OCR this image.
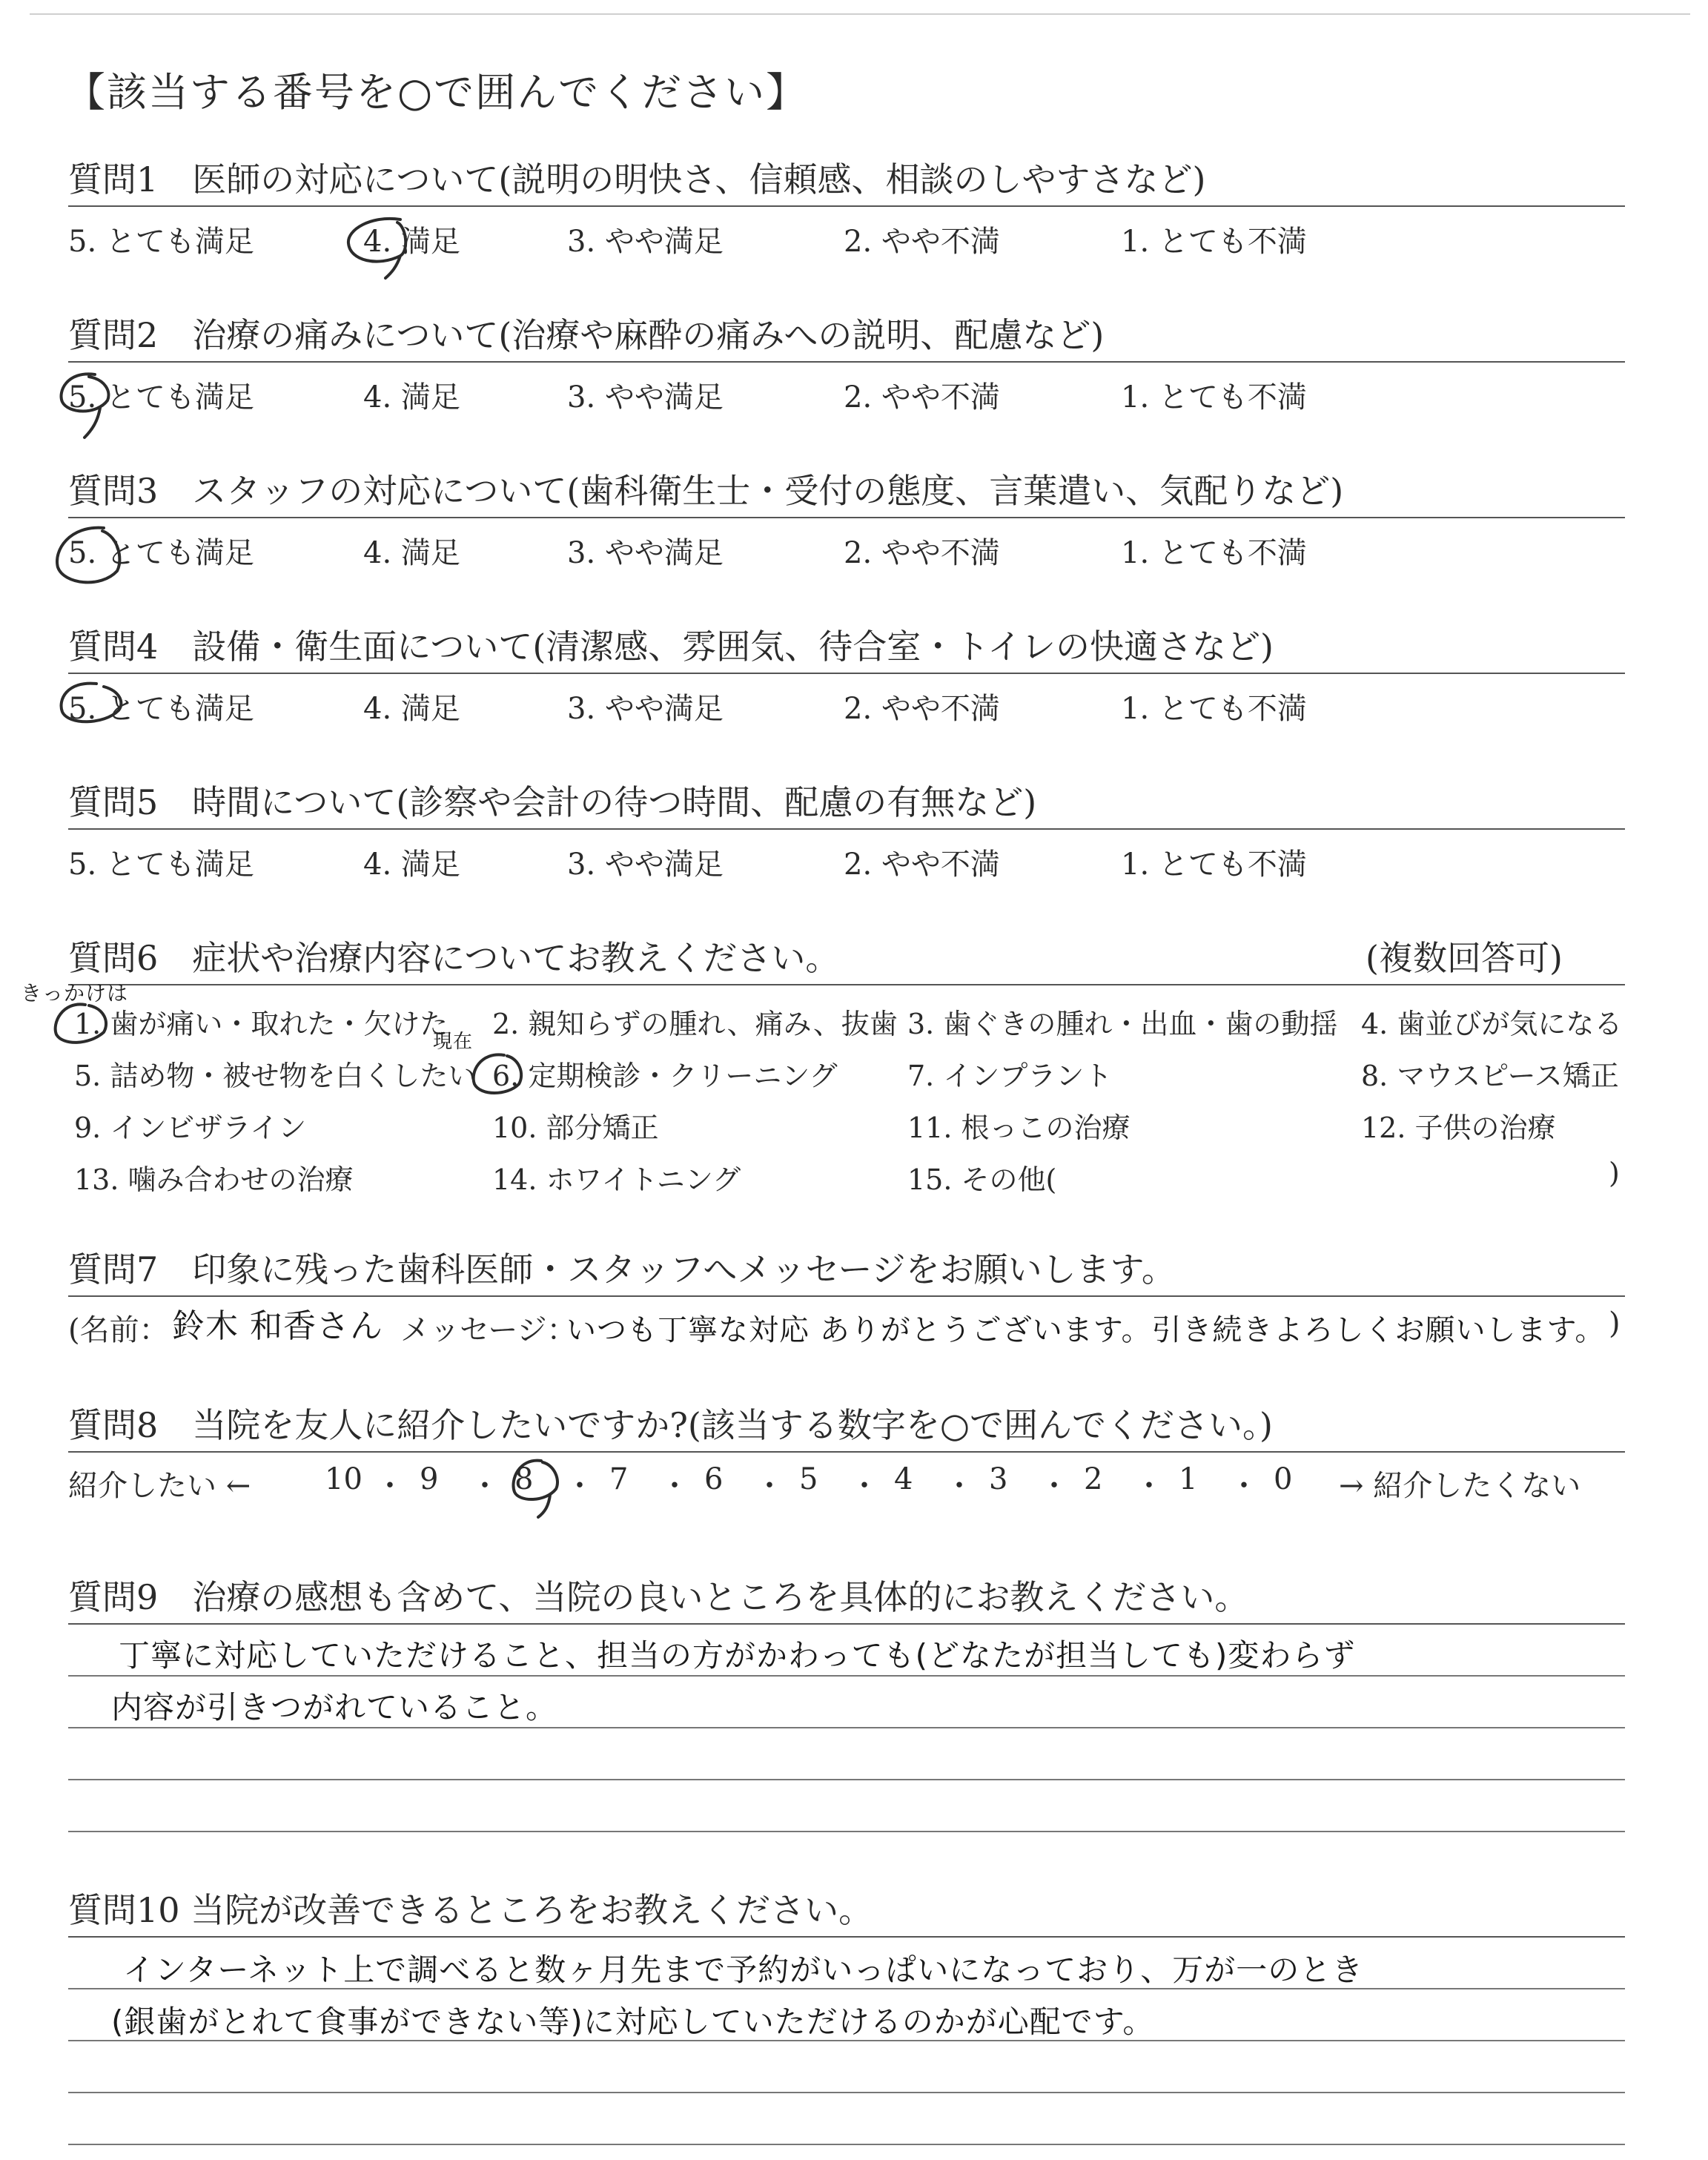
【該当する番号を○で囲んでください】
質問1　医師の対応について(説明の明快さ、信頼感、相談のしやすさなど)
5. とても満足	4. 満足	3. やや満足	2. やや不満	1. とても不満
質問2　治療の痛みについて(治療や麻酔の痛みへの説明、配慮など)
5. とても満足	4. 満足	3. やや満足	2. やや不満	1. とても不満
質問3　スタッフの対応について(歯科衛生士・受付の態度、言葉遣い、気配りなど)
5. とても満足	4. 満足	3. やや満足	2. やや不満	1. とても不満
質問4　設備・衛生面について(清潔感、雰囲気、待合室・トイレの快適さなど)
5. とても満足	4. 満足	3. やや満足	2. やや不満	1. とても不満
質問5　時間について(診察や会計の待つ時間、配慮の有無など)
5. とても満足	4. 満足	3. やや満足	2. やや不満	1. とても不満
質問6　症状や治療内容についてお教えください。	(複数回答可)
1. 歯が痛い・取れた・欠けた 2. 親知らずの腫れ、痛み、抜歯 3. 歯ぐきの腫れ・出血・歯の動揺 4. 歯並びが気になる
5. 詰め物・被せ物を白くしたい 6. 定期検診・クリーニング 7. インプラント	8. マウスピース矯正
9. インビザライン	10. 部分矯正	11. 根っこの治療	12. 子供の治療
13. 噛み合わせの治療	14. ホワイトニング	15. その他(	)
きっかけは
現在
質問7　印象に残った歯科医師・スタッフへメッセージをお願いします。
(名前： 鈴木 和香さん メッセージ：
いつも丁寧な対応 ありがとうございます。引き続きよろしくお願いします。 )
質問8　当院を友人に紹介したいですか?(該当する数字を○で囲んでください。)
紹介したい ← 10 ・ 9 ・ 8 ・ 7 ・ 6 ・ 5 ・ 4 ・ 3 ・ 2 ・ 1 ・ 0 → 紹介したくない
質問9　治療の感想も含めて、当院の良いところを具体的にお教えください。
丁寧に対応していただけること、担当の方がかわっても(どなたが担当しても)変わらず
内容が引きつがれていること。
質問10 当院が改善できるところをお教えください。
インターネット上で調べると数ヶ月先まで予約がいっぱいになっており、万が一のとき
(銀歯がとれて食事ができない等)に対応していただけるのかが心配です。
